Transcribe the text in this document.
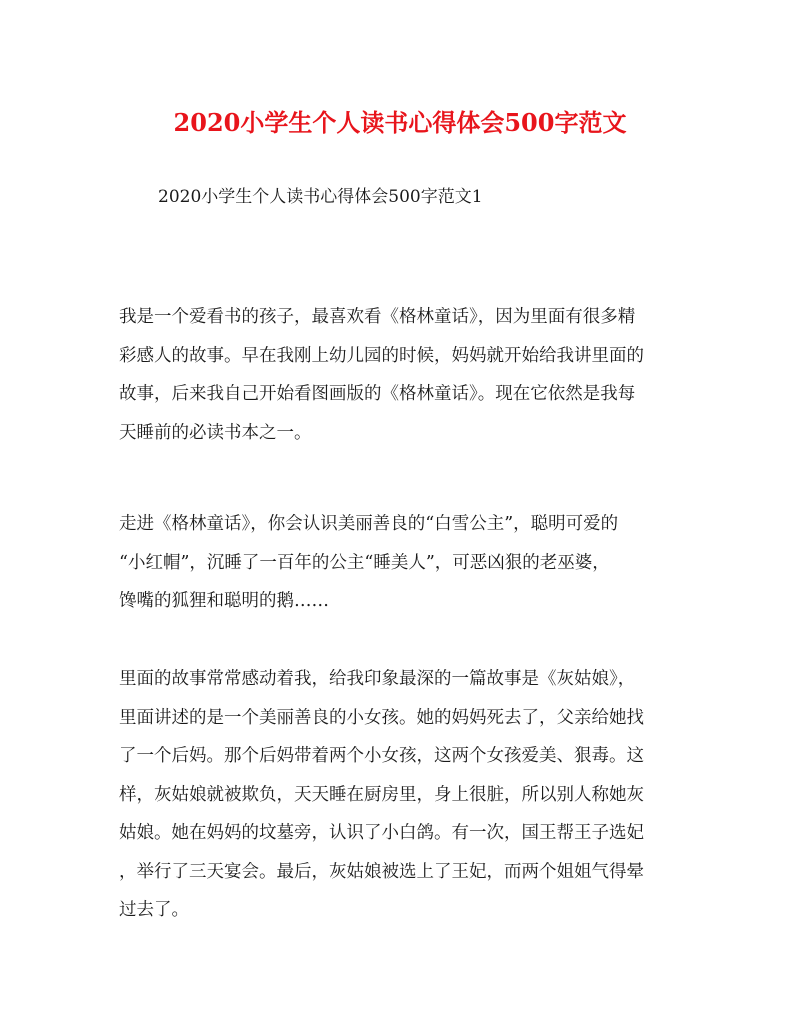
2020小学生个人读书心得体会500字范文

2020小学生个人读书心得体会500字范文1

我是一个爱看书的孩子，最喜欢看《格林童话》，因为里面有很多精
彩感人的故事。早在我刚上幼儿园的时候，妈妈就开始给我讲里面的
故事，后来我自己开始看图画版的《格林童话》。现在它依然是我每
天睡前的必读书本之一。

走进《格林童话》，你会认识美丽善良的“白雪公主”，聪明可爱的
“小红帽”，沉睡了一百年的公主“睡美人”，可恶凶狠的老巫婆，
馋嘴的狐狸和聪明的鹅……

里面的故事常常感动着我，给我印象最深的一篇故事是《灰姑娘》，
里面讲述的是一个美丽善良的小女孩。她的妈妈死去了，父亲给她找
了一个后妈。那个后妈带着两个小女孩，这两个女孩爱美、狠毒。这
样，灰姑娘就被欺负，天天睡在厨房里，身上很脏，所以别人称她灰
姑娘。她在妈妈的坟墓旁，认识了小白鸽。有一次，国王帮王子选妃
，举行了三天宴会。最后，灰姑娘被选上了王妃，而两个姐姐气得晕
过去了。
